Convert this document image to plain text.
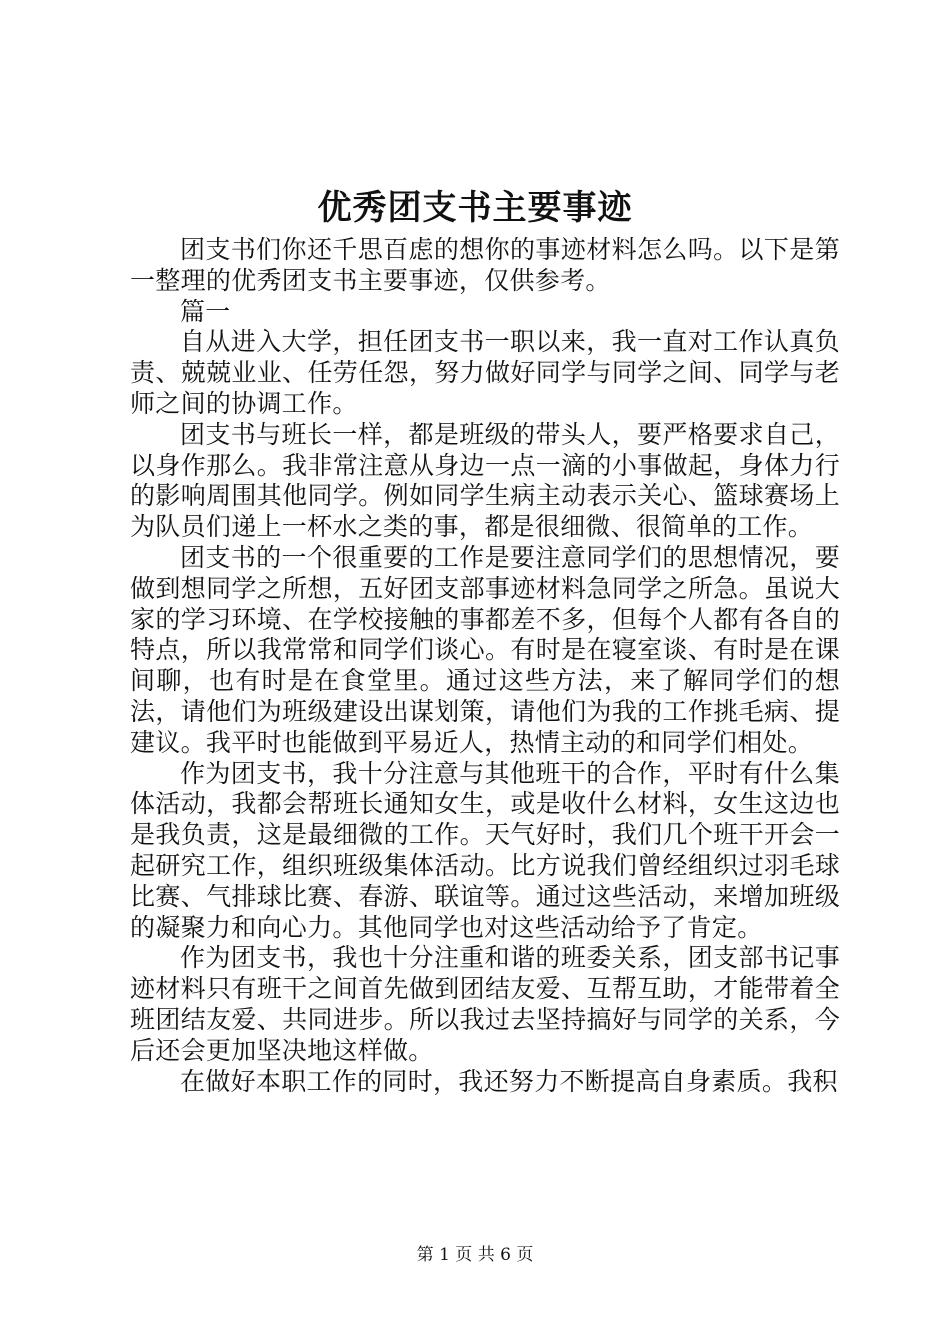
优秀团支书主要事迹

团支书们你还千思百虑的想你的事迹材料怎么吗。以下是第一整理的优秀团支书主要事迹，仅供参考。

篇一

自从进入大学，担任团支书一职以来，我一直对工作认真负责、兢兢业业、任劳任怨，努力做好同学与同学之间、同学与老师之间的协调工作。

团支书与班长一样，都是班级的带头人，要严格要求自己，以身作那么。我非常注意从身边一点一滴的小事做起，身体力行的影响周围其他同学。例如同学生病主动表示关心、篮球赛场上为队员们递上一杯水之类的事，都是很细微、很简单的工作。

团支书的一个很重要的工作是要注意同学们的思想情况，要做到想同学之所想，五好团支部事迹材料急同学之所急。虽说大家的学习环境、在学校接触的事都差不多，但每个人都有各自的特点，所以我常常和同学们谈心。有时是在寝室谈、有时是在课间聊，也有时是在食堂里。通过这些方法，来了解同学们的想法，请他们为班级建设出谋划策，请他们为我的工作挑毛病、提建议。我平时也能做到平易近人，热情主动的和同学们相处。

作为团支书，我十分注意与其他班干的合作，平时有什么集体活动，我都会帮班长通知女生，或是收什么材料，女生这边也是我负责，这是最细微的工作。天气好时，我们几个班干开会一起研究工作，组织班级集体活动。比方说我们曾经组织过羽毛球比赛、气排球比赛、春游、联谊等。通过这些活动，来增加班级的凝聚力和向心力。其他同学也对这些活动给予了肯定。

作为团支书，我也十分注重和谐的班委关系，团支部书记事迹材料只有班干之间首先做到团结友爱、互帮互助，才能带着全班团结友爱、共同进步。所以我过去坚持搞好与同学的关系，今后还会更加坚决地这样做。

在做好本职工作的同时，我还努力不断提高自身素质。我积

第 1 页 共 6 页
